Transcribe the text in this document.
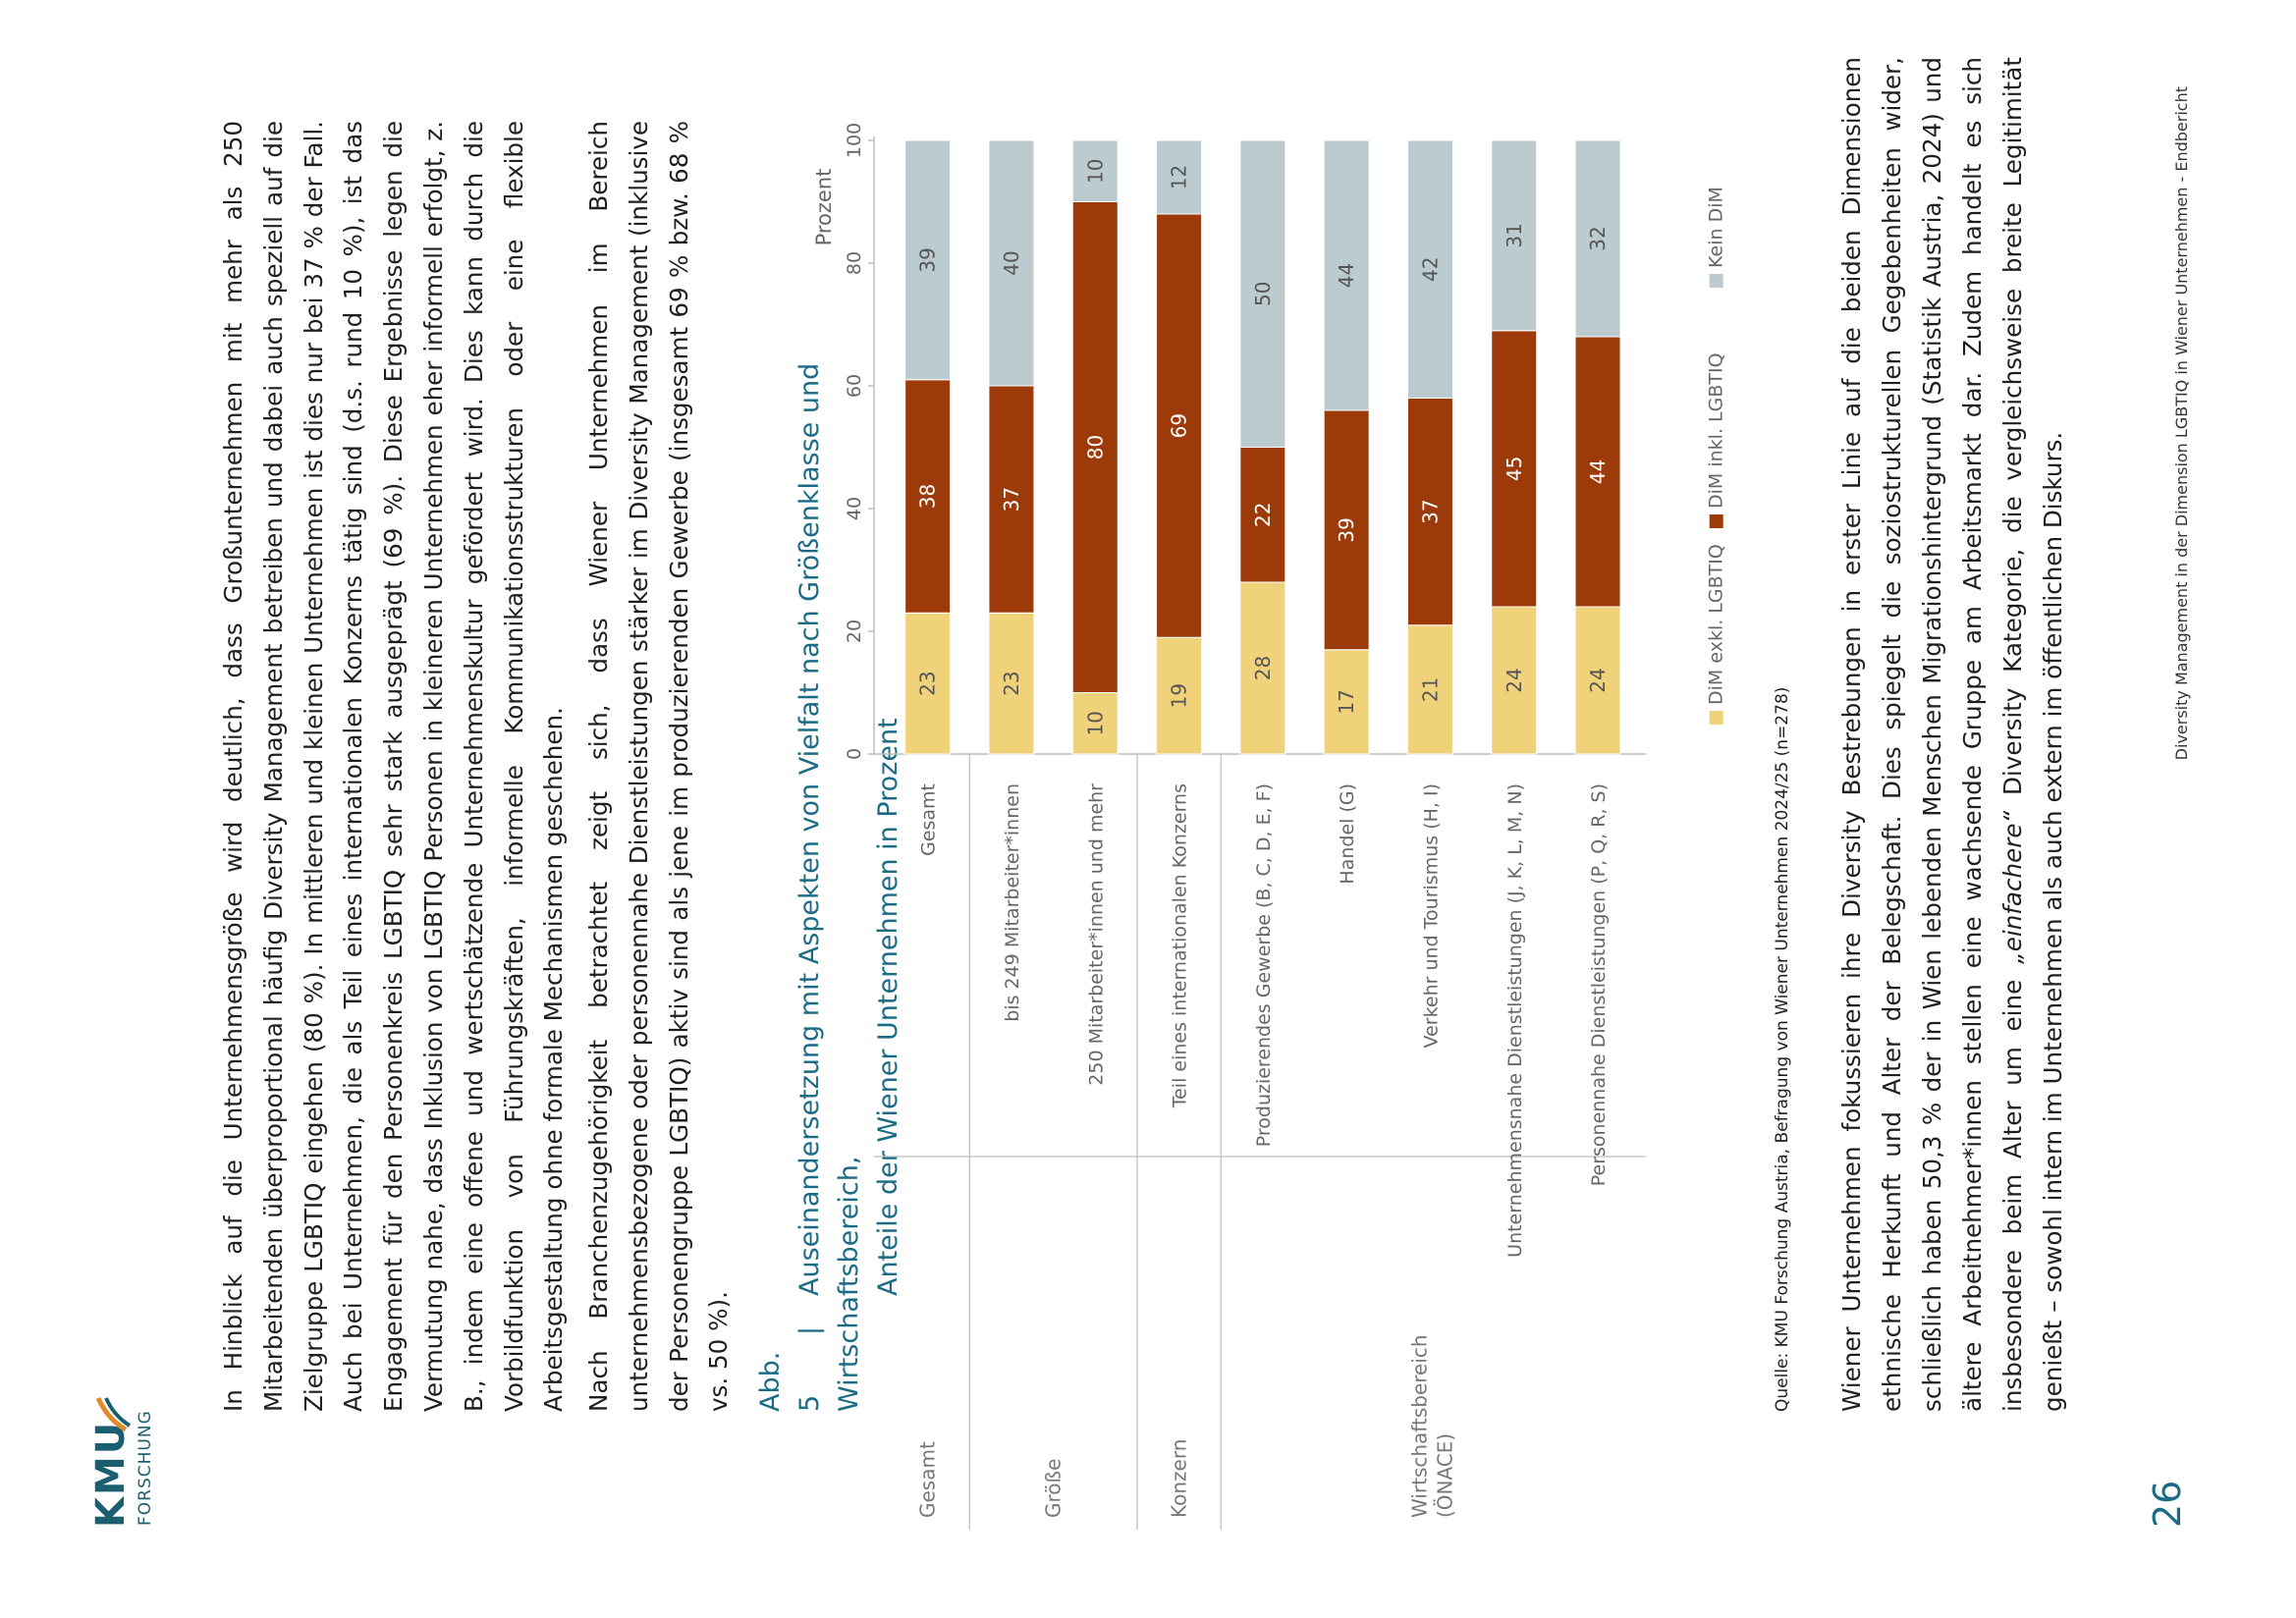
KMU FORSCHUNG

In Hinblick auf die Unternehmensgröße wird deutlich, dass Großunternehmen mit mehr als 250 Mitarbeitenden überproportional häufig Diversity Management betreiben und dabei auch speziell auf die Zielgruppe LGBTIQ eingehen (80 %). In mittleren und kleinen Unternehmen ist dies nur bei 37 % der Fall. Auch bei Unternehmen, die als Teil eines internationalen Konzerns tätig sind (d.s. rund 10 %), ist das Engagement für den Personenkreis LGBTIQ sehr stark ausgeprägt (69 %). Diese Ergebnisse legen die Vermutung nahe, dass Inklusion von LGBTIQ Personen in kleineren Unternehmen eher informell erfolgt, z. B., indem eine offene und wertschätzende Unternehmenskultur gefördert wird. Dies kann durch die Vorbildfunktion von Führungskräften, informelle Kommunikationsstrukturen oder eine flexible Arbeitsgestaltung ohne formale Mechanismen geschehen. Nach Branchenzugehörigkeit betrachtet zeigt sich, dass Wiener Unternehmen im Bereich unternehmensbezogene oder personennahe Dienstleistungen stärker im Diversity Management (inklusive der Personengruppe LGBTIQ) aktiv sind als jene im produzierenden Gewerbe (insgesamt 69 % bzw. 68 % vs. 50 %). Abb. 5|Auseinandersetzung mit Aspekten von Vielfalt nach Größenklasse und Wirtschaftsbereich, Anteile der Wiener Unternehmen in Prozent
0
20
40
60
80
100
Prozent
Gesamt	Größe	Konzern	Wirtschaftsbereich (ÖNACE)
Gesamt
23
38
39
bis 249 Mitarbeiter*innen
23
37
40
250 Mitarbeiter*innen und mehr
10
80
10
Teil eines internationalen Konzerns
19
69
12
Produzierendes Gewerbe (B, C, D, E, F)
28
22
50
Handel (G)
17
39
44
Verkehr und Tourismus (H, I)
21
37
42
Unternehmensnahe Dienstleistungen (J, K, L, M, N)
24
45
31
Personennahe Dienstleistungen (P, Q, R, S)
24
44
32
DiM exkl. LGBTIQ
DiM inkl. LGBTIQ
Kein DiM
Quelle: KMU Forschung Austria, Befragung von Wiener Unternehmen 2024/25 (n=278) Wiener Unternehmen fokussieren ihre Diversity Bestrebungen in erster Linie auf die beiden Dimensionen ethnische Herkunft und Alter der Belegschaft. Dies spiegelt die soziostrukturellen Gegebenheiten wider, schließlich haben 50,3 % der in Wien lebenden Menschen Migrationshintergrund (Statistik Austria, 2024) und ältere Arbeitnehmer*innen stellen eine wachsende Gruppe am Arbeitsmarkt dar. Zudem handelt es sich insbesondere beim Alter um eine „einfachere“ Diversity Kategorie, die vergleichsweise breite Legitimität genießt – sowohl intern im Unternehmen als auch extern im öffentlichen Diskurs.

26
Diversity Management in der Dimension LGBTIQ in Wiener Unternehmen - Endbericht
